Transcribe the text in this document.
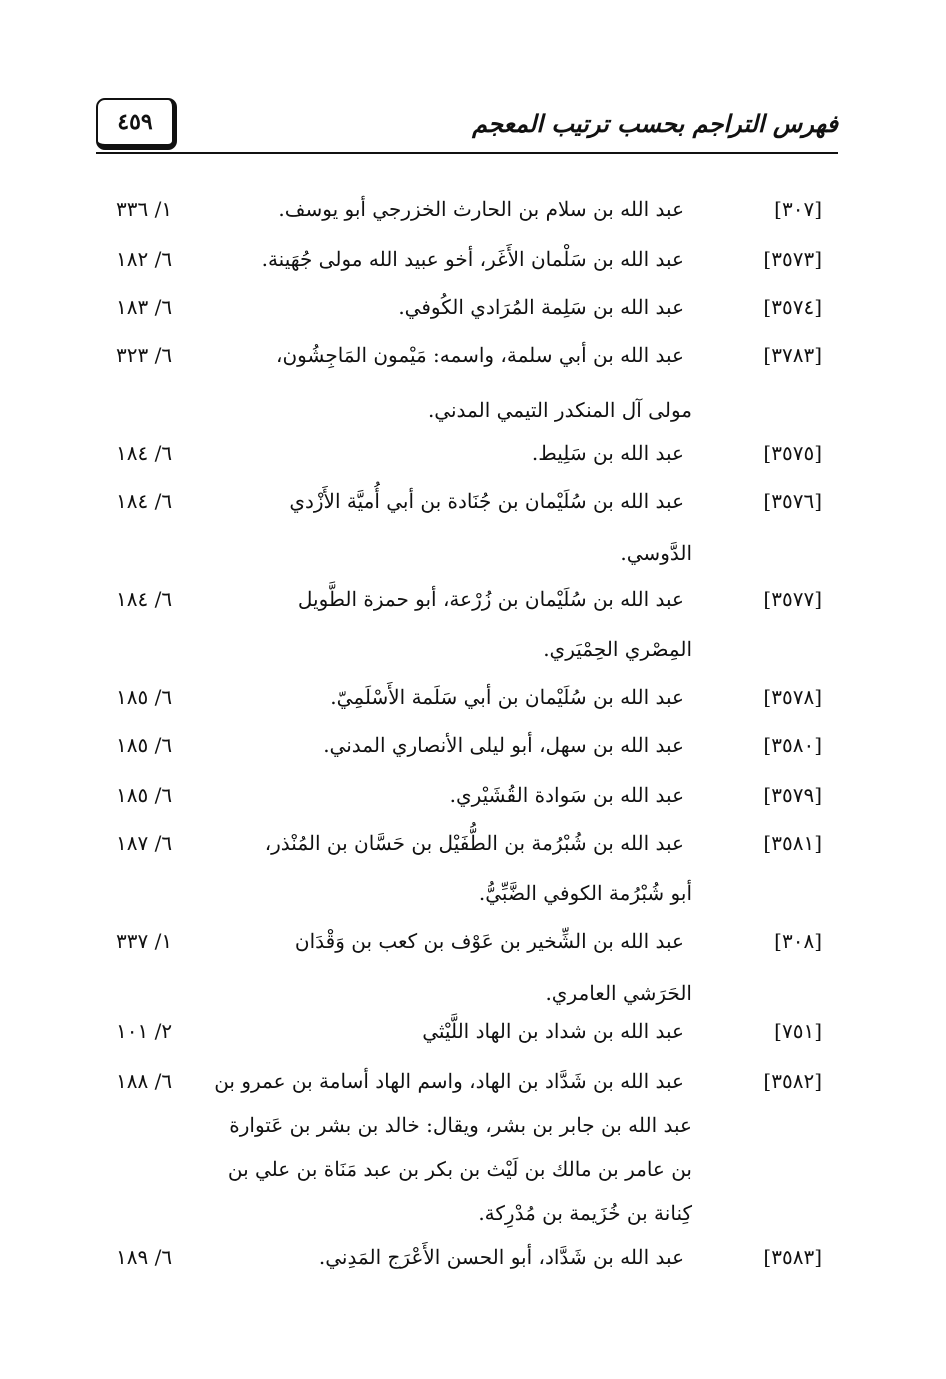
٤٥٩	فهرس التراجم بحسب ترتيب المعجم
[٣٠٧]
عبد الله بن سلام بن الحارث الخزرجي أبو يوسف.
١/ ٣٣٦
[٣٥٧٣]
عبد الله بن سَلْمان الأَغَر، أخو عبيد الله مولى جُهَينة.
٦/ ١٨٢
[٣٥٧٤]
عبد الله بن سَلِمة المُرَادي الكُوفي.
٦/ ١٨٣
[٣٧٨٣]
عبد الله بن أبي سلمة، واسمه: مَيْمون المَاجِشُون،
مولى آل المنكدر التيمي المدني.
٦/ ٣٢٣
[٣٥٧٥]
عبد الله بن سَلِيط.
٦/ ١٨٤
[٣٥٧٦]
عبد الله بن سُلَيْمان بن جُنَادة بن أبي أُميَّة الأَزْدي
الدَّوسي.
٦/ ١٨٤
[٣٥٧٧]
عبد الله بن سُلَيْمان بن زُرْعة، أبو حمزة الطَّويل
المِصْري الحِمْيَري.
٦/ ١٨٤
[٣٥٧٨]
عبد الله بن سُلَيْمان بن أبي سَلَمة الأَسْلَمِيّ.
٦/ ١٨٥
[٣٥٨٠]
عبد الله بن سهل، أبو ليلى الأنصاري المدني.
٦/ ١٨٥
[٣٥٧٩]
عبد الله بن سَوادة القُشَيْري.
٦/ ١٨٥
[٣٥٨١]
عبد الله بن شُبْرُمة بن الطُّفَيْل بن حَسَّان بن المُنْذر،
أبو شُبْرُمة الكوفي الضَّبِّيُّ.
٦/ ١٨٧
[٣٠٨]
عبد الله بن الشِّخير بن عَوْف بن كعب بن وَقْدَان
الحَرَشي العامري.
١/ ٣٣٧
[٧٥١]
عبد الله بن شداد بن الهاد اللَّيْثي
٢/ ١٠١
[٣٥٨٢]
عبد الله بن شَدَّاد بن الهاد، واسم الهاد أسامة بن عمرو بن
عبد الله بن جابر بن بشر، ويقال: خالد بن بشر بن عَتوارة
بن عامر بن مالك بن لَيْث بن بكر بن عبد مَنَاة بن علي بن
كِنانة بن خُزَيمة بن مُدْرِكة.
٦/ ١٨٨
[٣٥٨٣]
عبد الله بن شَدَّاد، أبو الحسن الأَعْرَج المَدِني.
٦/ ١٨٩
